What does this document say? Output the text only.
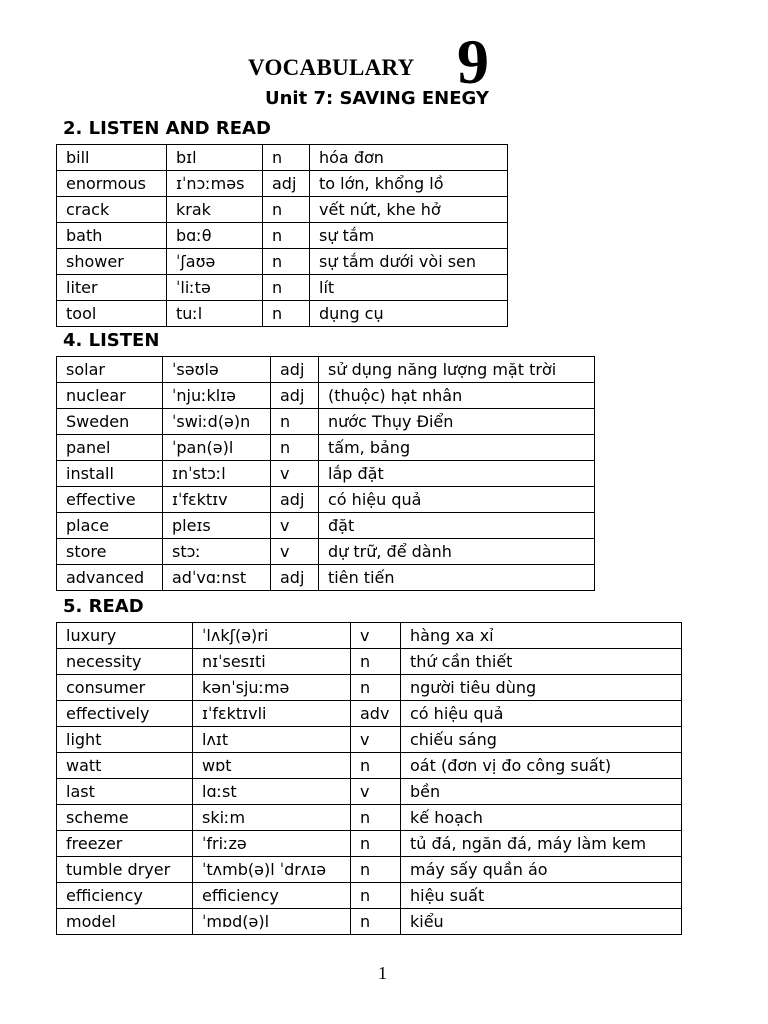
VOCABULARY 9
Unit 7: SAVING ENEGY
2. LISTEN AND READ
bill	bɪl	n	hóa đơn
enormous	ɪˈnɔːməs	adj	to lớn, khổng lồ
crack	krak	n	vết nứt, khe hở
bath	bɑːθ	n	sự tắm
shower	ˈʃaʊə	n	sự tắm dưới vòi sen
liter	ˈliːtə	n	lít
tool	tuːl	n	dụng cụ
4. LISTEN
solar	ˈsəʊlə	adj	sử dụng năng lượng mặt trời
nuclear	ˈnjuːklɪə	adj	(thuộc) hạt nhân
Sweden	ˈswiːd(ə)n	n	nước Thụy Điển
panel	ˈpan(ə)l	n	tấm, bảng
install	ɪnˈstɔːl	v	lắp đặt
effective	ɪˈfɛktɪv	adj	có hiệu quả
place	pleɪs	v	đặt
store	stɔː	v	dự trữ, để dành
advanced	adˈvɑːnst	adj	tiên tiến
5. READ
luxury	ˈlʌkʃ(ə)ri	v	hàng xa xỉ
necessity	nɪˈsesɪti	n	thứ cần thiết
consumer	kənˈsjuːmə	n	người tiêu dùng
effectively	ɪˈfɛktɪvli	adv	có hiệu quả
light	lʌɪt	v	chiếu sáng
watt	wɒt	n	oát (đơn vị đo công suất)
last	lɑːst	v	bền
scheme	skiːm	n	kế hoạch
freezer	ˈfriːzə	n	tủ đá, ngăn đá, máy làm kem
tumble dryer	ˈtʌmb(ə)l ˈdrʌɪə	n	máy sấy quần áo
efficiency	efficiency	n	hiệu suất
model	ˈmɒd(ə)l	n	kiểu
1
